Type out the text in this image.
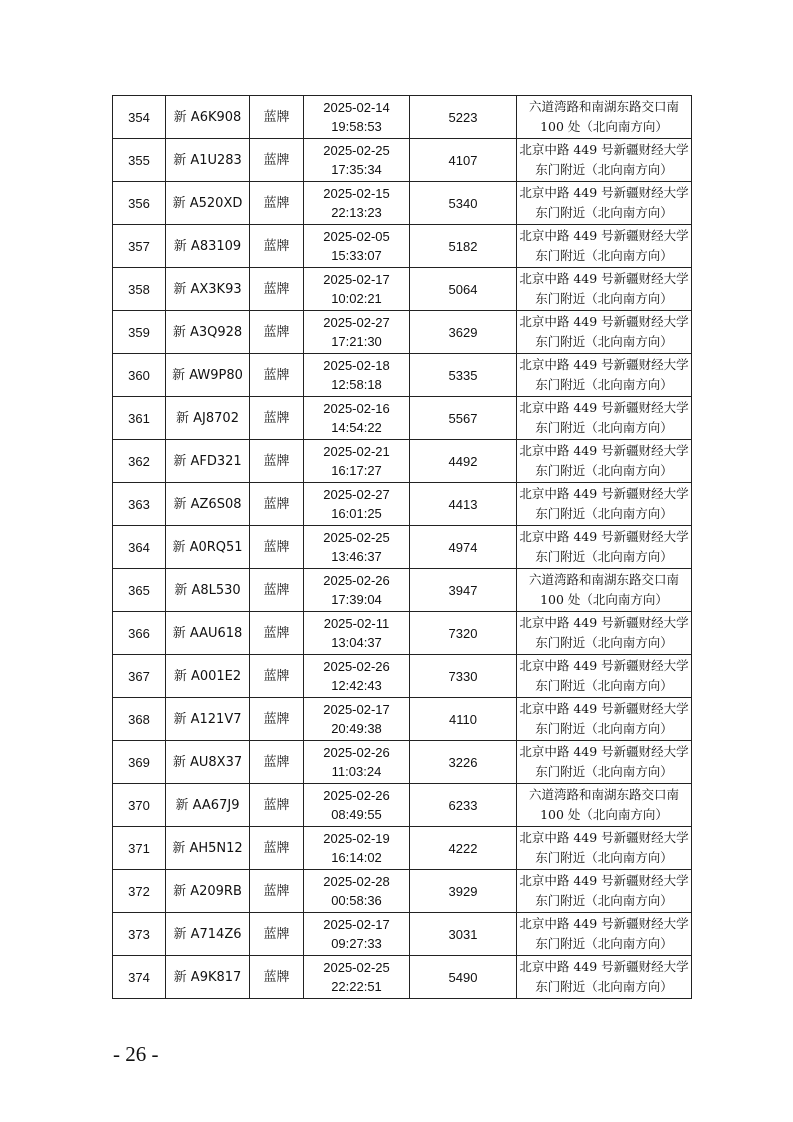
354	新 A6K908	蓝牌	2025-02-14
19:58:53	5223	六道湾路和南湖东路交口南
100 处（北向南方向）

355	新 A1U283	蓝牌	2025-02-25
17:35:34	4107	北京中路 449 号新疆财经大学
东门附近（北向南方向）

356	新 A520XD	蓝牌	2025-02-15
22:13:23	5340	北京中路 449 号新疆财经大学
东门附近（北向南方向）

357	新 A83109	蓝牌	2025-02-05
15:33:07	5182	北京中路 449 号新疆财经大学
东门附近（北向南方向）

358	新 AX3K93	蓝牌	2025-02-17
10:02:21	5064	北京中路 449 号新疆财经大学
东门附近（北向南方向）

359	新 A3Q928	蓝牌	2025-02-27
17:21:30	3629	北京中路 449 号新疆财经大学
东门附近（北向南方向）

360	新 AW9P80	蓝牌	2025-02-18
12:58:18	5335	北京中路 449 号新疆财经大学
东门附近（北向南方向）

361	新 AJ8702	蓝牌	2025-02-16
14:54:22	5567	北京中路 449 号新疆财经大学
东门附近（北向南方向）

362	新 AFD321	蓝牌	2025-02-21
16:17:27	4492	北京中路 449 号新疆财经大学
东门附近（北向南方向）

363	新 AZ6S08	蓝牌	2025-02-27
16:01:25	4413	北京中路 449 号新疆财经大学
东门附近（北向南方向）

364	新 A0RQ51	蓝牌	2025-02-25
13:46:37	4974	北京中路 449 号新疆财经大学
东门附近（北向南方向）

365	新 A8L530	蓝牌	2025-02-26
17:39:04	3947	六道湾路和南湖东路交口南
100 处（北向南方向）

366	新 AAU618	蓝牌	2025-02-11
13:04:37	7320	北京中路 449 号新疆财经大学
东门附近（北向南方向）

367	新 A001E2	蓝牌	2025-02-26
12:42:43	7330	北京中路 449 号新疆财经大学
东门附近（北向南方向）

368	新 A121V7	蓝牌	2025-02-17
20:49:38	4110	北京中路 449 号新疆财经大学
东门附近（北向南方向）

369	新 AU8X37	蓝牌	2025-02-26
11:03:24	3226	北京中路 449 号新疆财经大学
东门附近（北向南方向）

370	新 AA67J9	蓝牌	2025-02-26
08:49:55	6233	六道湾路和南湖东路交口南
100 处（北向南方向）

371	新 AH5N12	蓝牌	2025-02-19
16:14:02	4222	北京中路 449 号新疆财经大学
东门附近（北向南方向）

372	新 A209RB	蓝牌	2025-02-28
00:58:36	3929	北京中路 449 号新疆财经大学
东门附近（北向南方向）

373	新 A714Z6	蓝牌	2025-02-17
09:27:33	3031	北京中路 449 号新疆财经大学
东门附近（北向南方向）

374	新 A9K817	蓝牌	2025-02-25
22:22:51	5490	北京中路 449 号新疆财经大学
东门附近（北向南方向）
- 26 -
